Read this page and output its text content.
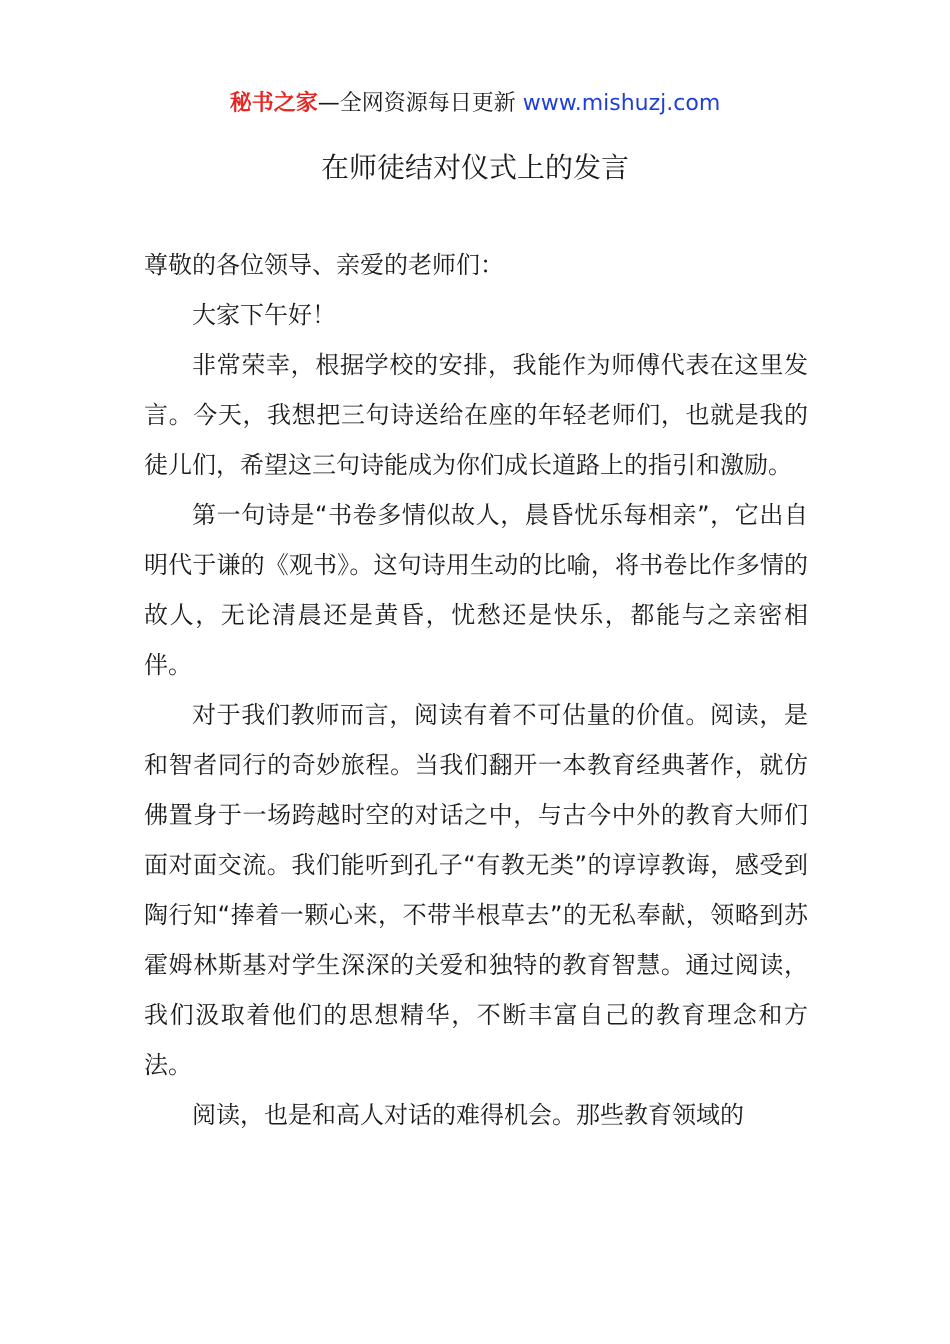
秘书之家—全网资源每日更新 www.mishuzj.com
在师徒结对仪式上的发言

尊敬的各位领导、亲爱的老师们：

大家下午好！

非常荣幸，根据学校的安排，我能作为师傅代表在这里发言。今天，我想把三句诗送给在座的年轻老师们，也就是我的徒儿们，希望这三句诗能成为你们成长道路上的指引和激励。

第一句诗是“书卷多情似故人，晨昏忧乐每相亲”，它出自明代于谦的《观书》。这句诗用生动的比喻，将书卷比作多情的故人，无论清晨还是黄昏，忧愁还是快乐，都能与之亲密相伴。

对于我们教师而言，阅读有着不可估量的价值。阅读，是和智者同行的奇妙旅程。当我们翻开一本教育经典著作，就仿佛置身于一场跨越时空的对话之中，与古今中外的教育大师们面对面交流。我们能听到孔子“有教无类”的谆谆教诲，感受到陶行知“捧着一颗心来，不带半根草去”的无私奉献，领略到苏霍姆林斯基对学生深深的关爱和独特的教育智慧。通过阅读，我们汲取着他们的思想精华，不断丰富自己的教育理念和方法。

阅读，也是和高人对话的难得机会。那些教育领域的
